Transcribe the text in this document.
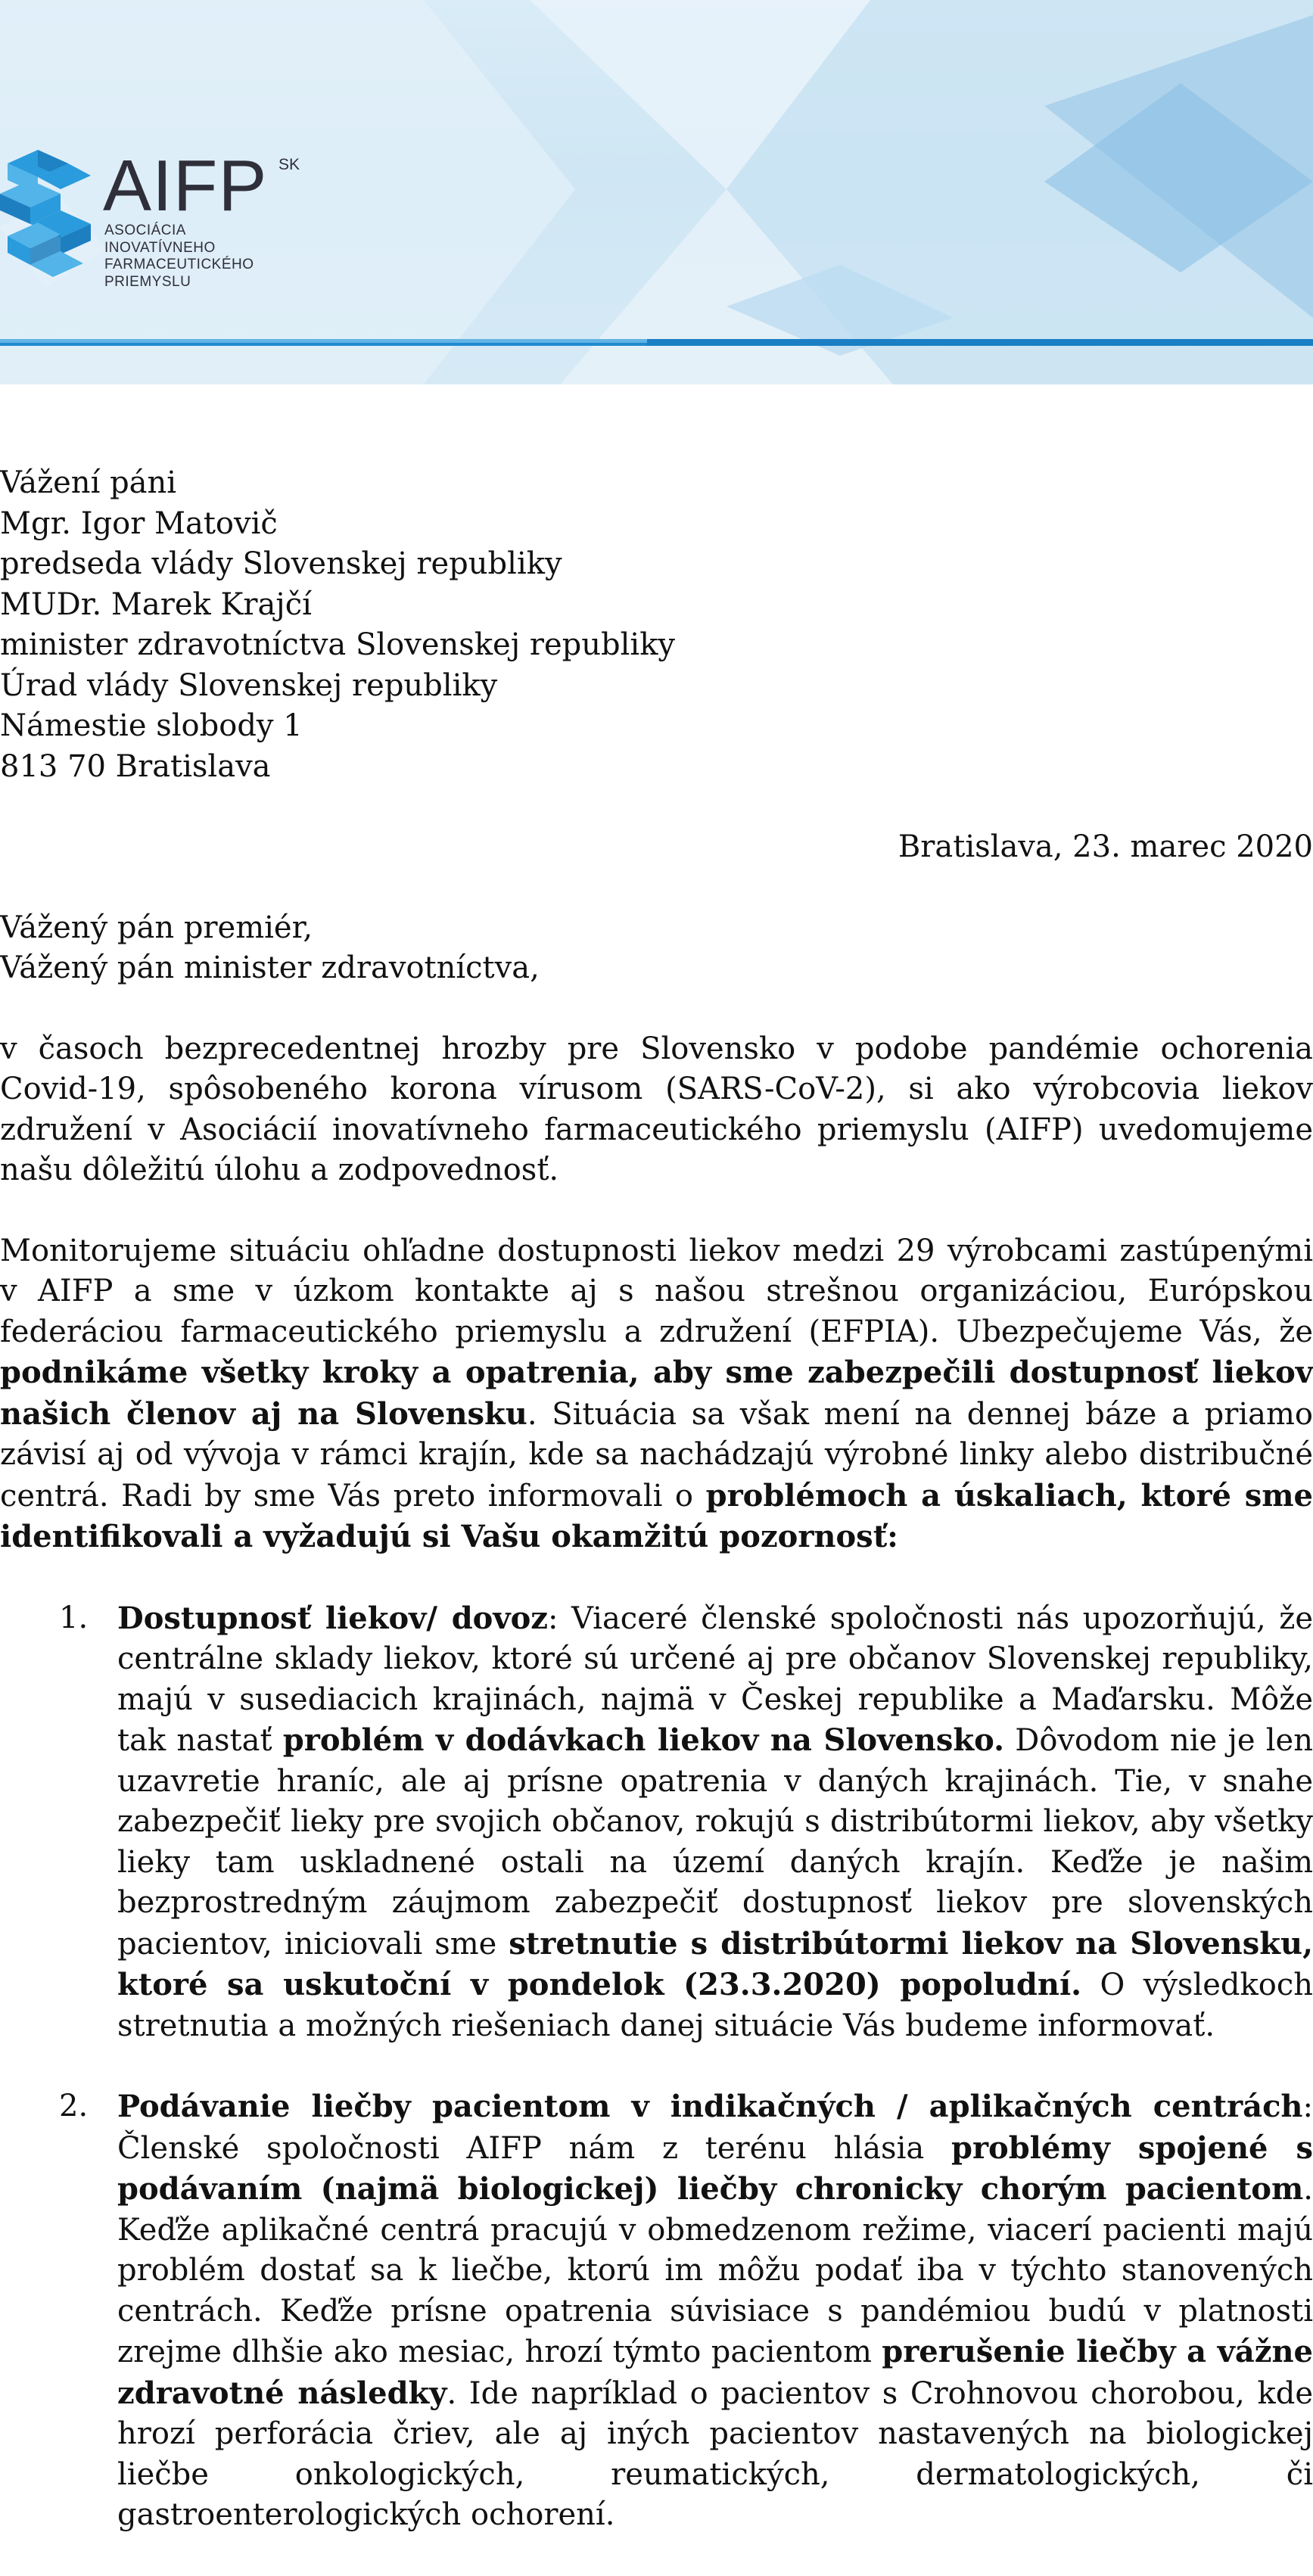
AIFP SK
ASOCIÁCIA
INOVATÍVNEHO
FARMACEUTICKÉHO
PRIEMYSLU
Vážení páni
Mgr. Igor Matovič
predseda vlády Slovenskej republiky
MUDr. Marek Krajčí
minister zdravotníctva Slovenskej republiky
Úrad vlády Slovenskej republiky
Námestie slobody 1
813 70 Bratislava
Bratislava, 23. marec 2020
Vážený pán premiér,
Vážený pán minister zdravotníctva,

v časoch bezprecedentnej hrozby pre Slovensko v podobe pandémie ochorenia Covid-19, spôsobeného korona vírusom (SARS-CoV-2), si ako výrobcovia liekov združení v Asociácií inovatívneho farmaceutického priemyslu (AIFP) uvedomujeme našu dôležitú úlohu a zodpovednosť.

Monitorujeme situáciu ohľadne dostupnosti liekov medzi 29 výrobcami zastúpenými v AIFP a sme v úzkom kontakte aj s našou strešnou organizáciou, Európskou federáciou farmaceutického priemyslu a združení (EFPIA). Ubezpečujeme Vás, že podnikáme všetky kroky a opatrenia, aby sme zabezpečili dostupnosť liekov našich členov aj na Slovensku. Situácia sa však mení na dennej báze a priamo závisí aj od vývoja v rámci krajín, kde sa nachádzajú výrobné linky alebo distribučné centrá. Radi by sme Vás preto informovali o problémoch a úskaliach, ktoré sme identifikovali a vyžadujú si Vašu okamžitú pozornosť:

1. Dostupnosť liekov/ dovoz: Viaceré členské spoločnosti nás upozorňujú, že centrálne sklady liekov, ktoré sú určené aj pre občanov Slovenskej republiky, majú v susediacich krajinách, najmä v Českej republike a Maďarsku. Môže tak nastať problém v dodávkach liekov na Slovensko. Dôvodom nie je len uzavretie hraníc, ale aj prísne opatrenia v daných krajinách. Tie, v snahe zabezpečiť lieky pre svojich občanov, rokujú s distribútormi liekov, aby všetky lieky tam uskladnené ostali na území daných krajín. Keďže je našim bezprostredným záujmom zabezpečiť dostupnosť liekov pre slovenských pacientov, iniciovali sme stretnutie s distribútormi liekov na Slovensku, ktoré sa uskutoční v pondelok (23.3.2020) popoludní. O výsledkoch stretnutia a možných riešeniach danej situácie Vás budeme informovať.
2. Podávanie liečby pacientom v indikačných / aplikačných centrách: Členské spoločnosti AIFP nám z terénu hlásia problémy spojené s podávaním (najmä biologickej) liečby chronicky chorým pacientom. Keďže aplikačné centrá pracujú v obmedzenom režime, viacerí pacienti majú problém dostať sa k liečbe, ktorú im môžu podať iba v týchto stanovených centrách. Keďže prísne opatrenia súvisiace s pandémiou budú v platnosti zrejme dlhšie ako mesiac, hrozí týmto pacientom prerušenie liečby a vážne zdravotné následky. Ide napríklad o pacientov s Crohnovou chorobou, kde hrozí perforácia čriev, ale aj iných pacientov nastavených na biologickej liečbe onkologických, reumatických, dermatologických, či gastroenterologických ochorení.
